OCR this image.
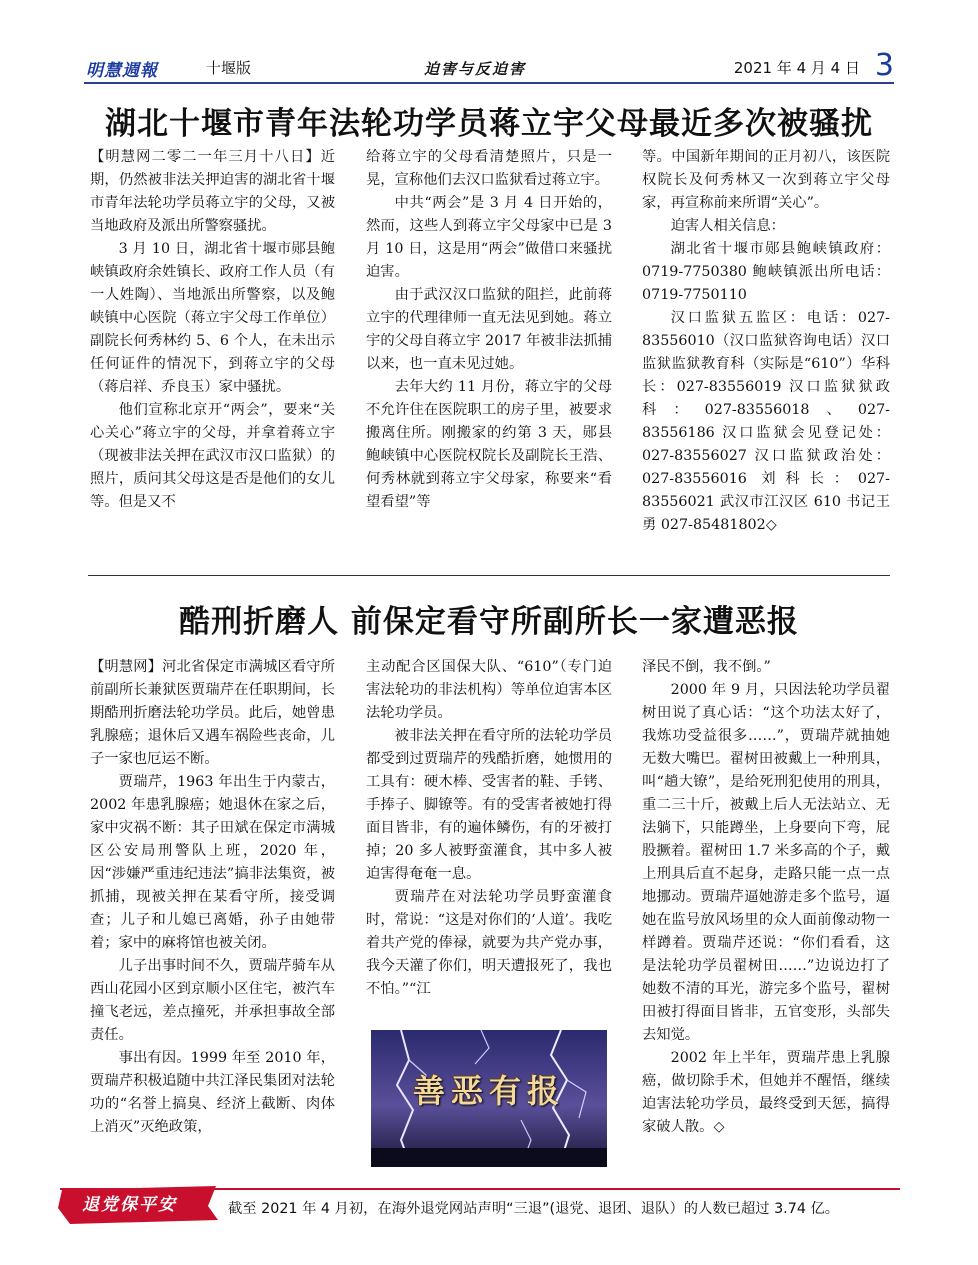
明慧週報	十堰版	迫害与反迫害	2021 年 4 月 4 日 3
湖北十堰市青年法轮功学员蒋立宇父母最近多次被骚扰

【明慧网二零二一年三月十八日】近期，仍然被非法关押迫害的湖北省十堰市青年法轮功学员蒋立宇的父母，又被当地政府及派出所警察骚扰。

3 月 10 日，湖北省十堰市郧县鲍峡镇政府余姓镇长、政府工作人员（有一人姓陶）、当地派出所警察，以及鲍峡镇中心医院（蒋立宇父母工作单位）副院长何秀林约 5、6 个人，在未出示任何证件的情况下，到蒋立宇的父母（蒋启祥、乔良玉）家中骚扰。

他们宣称北京开“两会”，要来“关心关心”蒋立宇的父母，并拿着蒋立宇（现被非法关押在武汉市汉口监狱）的照片，质问其父母这是否是他们的女儿等。但是又不

给蒋立宇的父母看清楚照片，只是一晃，宣称他们去汉口监狱看过蒋立宇。

中共“两会”是 3 月 4 日开始的，然而，这些人到蒋立宇父母家中已是 3 月 10 日，这是用“两会”做借口来骚扰迫害。

由于武汉汉口监狱的阻拦，此前蒋立宇的代理律师一直无法见到她。蒋立宇的父母自蒋立宇 2017 年被非法抓捕以来，也一直未见过她。

去年大约 11 月份，蒋立宇的父母不允许住在医院职工的房子里，被要求搬离住所。刚搬家的约第 3 天，郧县鲍峡镇中心医院权院长及副院长王浩、何秀林就到蒋立宇父母家，称要来“看望看望”等

等。中国新年期间的正月初八，该医院权院长及何秀林又一次到蒋立宇父母家，再宣称前来所谓“关心”。

迫害人相关信息：

湖北省十堰市郧县鲍峡镇政府：0719-7750380 鲍峡镇派出所电话：0719-7750110

汉口监狱五监区：电话：027-83556010（汉口监狱咨询电话）汉口监狱监狱教育科（实际是“610”）华科长：027-83556019 汉口监狱狱政科：027-83556018、027-83556186 汉口监狱会见登记处：027-83556027 汉口监狱政治处：027-83556016 刘科长：027-83556021 武汉市江汉区 610 书记王勇 027-85481802◇

酷刑折磨人 前保定看守所副所长一家遭恶报

【明慧网】河北省保定市满城区看守所前副所长兼狱医贾瑞芹在任职期间，长期酷刑折磨法轮功学员。此后，她曾患乳腺癌；退休后又遇车祸险些丧命，儿子一家也厄运不断。

贾瑞芹，1963 年出生于内蒙古，2002 年患乳腺癌；她退休在家之后，家中灾祸不断：其子田斌在保定市满城区公安局刑警队上班，2020 年，因“涉嫌严重违纪违法”搞非法集资，被抓捕，现被关押在某看守所，接受调查；儿子和儿媳已离婚，孙子由她带着；家中的麻将馆也被关闭。

儿子出事时间不久，贾瑞芹骑车从西山花园小区到京顺小区住宅，被汽车撞飞老远，差点撞死，并承担事故全部责任。

事出有因。1999 年至 2010 年，贾瑞芹积极追随中共江泽民集团对法轮功的“名誉上搞臭、经济上截断、肉体上消灭”灭绝政策，

主动配合区国保大队、“610”（专门迫害法轮功的非法机构）等单位迫害本区法轮功学员。

被非法关押在看守所的法轮功学员都受到过贾瑞芹的残酷折磨，她惯用的工具有：硬木棒、受害者的鞋、手铐、手捧子、脚镣等。有的受害者被她打得面目皆非，有的遍体鳞伤，有的牙被打掉；20 多人被野蛮灌食，其中多人被迫害得奄奄一息。

贾瑞芹在对法轮功学员野蛮灌食时，常说：“这是对你们的‘人道’。我吃着共产党的俸禄，就要为共产党办事，我今天灌了你们，明天遭报死了，我也不怕。”“江

善恶有报

泽民不倒，我不倒。”

2000 年 9 月，只因法轮功学员翟树田说了真心话：“这个功法太好了，我炼功受益很多……”，贾瑞芹就抽她无数大嘴巴。翟树田被戴上一种刑具，叫“趟大镣”，是给死刑犯使用的刑具，重二三十斤，被戴上后人无法站立、无法躺下，只能蹲坐，上身要向下弯，屁股撅着。翟树田 1.7 米多高的个子，戴上刑具后直不起身，走路只能一点一点地挪动。贾瑞芹逼她游走多个监号，逼她在监号放风场里的众人面前像动物一样蹲着。贾瑞芹还说：“你们看看，这是法轮功学员翟树田……”边说边打了她数不清的耳光，游完多个监号，翟树田被打得面目皆非，五官变形，头部失去知觉。

2002 年上半年，贾瑞芹患上乳腺癌，做切除手术，但她并不醒悟，继续迫害法轮功学员，最终受到天惩，搞得家破人散。◇

退党保平安	截至 2021 年 4 月初，在海外退党网站声明“三退”(退党、退团、退队）的人数已超过 3.74 亿。
